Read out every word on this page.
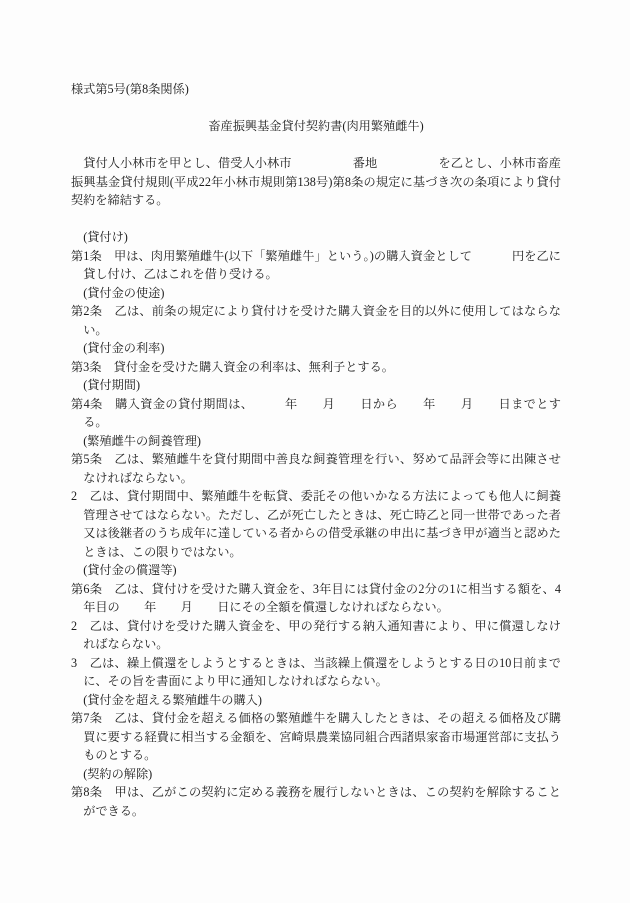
様式第5号(第8条関係)
畜産振興基金貸付契約書(肉用繁殖雌牛)

貸付人小林市を甲とし、借受人小林市　　　　　番地　　　　　を乙とし、小林市畜産振興基金貸付規則(平成22年小林市規則第138号)第8条の規定に基づき次の条項により貸付契約を締結する。

(貸付け)

第1条　甲は、肉用繁殖雌牛(以下「繁殖雌牛」という。)の購入資金として　　　 円を乙に貸し付け、乙はこれを借り受ける。

(貸付金の使途)

第2条　乙は、前条の規定により貸付けを受けた購入資金を目的以外に使用してはならない。

(貸付金の利率)

第3条　貸付金を受けた購入資金の利率は、無利子とする。

(貸付期間)

第4条　購入資金の貸付期間は、　　　年　　月　　日から　　年　　月　　日までとする。

(繁殖雌牛の飼養管理)

第5条　乙は、繁殖雌牛を貸付期間中善良な飼養管理を行い、努めて品評会等に出陳させなければならない。

2　乙は、貸付期間中、繁殖雌牛を転貸、委託その他いかなる方法によっても他人に飼養管理させてはならない。ただし、乙が死亡したときは、死亡時乙と同一世帯であった者又は後継者のうち成年に達している者からの借受承継の申出に基づき甲が適当と認めたときは、この限りではない。

(貸付金の償還等)

第6条　乙は、貸付けを受けた購入資金を、3年目には貸付金の2分の1に相当する額を、4年目の　　年　　月　　日にその全額を償還しなければならない。

2　乙は、貸付けを受けた購入資金を、甲の発行する納入通知書により、甲に償還しなければならない。

3　乙は、繰上償還をしようとするときは、当該繰上償還をしようとする日の10日前までに、その旨を書面により甲に通知しなければならない。

(貸付金を超える繁殖雌牛の購入)

第7条　乙は、貸付金を超える価格の繁殖雌牛を購入したときは、その超える価格及び購買に要する経費に相当する金額を、宮崎県農業協同組合西諸県家畜市場運営部に支払うものとする。

(契約の解除)

第8条　甲は、乙がこの契約に定める義務を履行しないときは、この契約を解除することができる。
